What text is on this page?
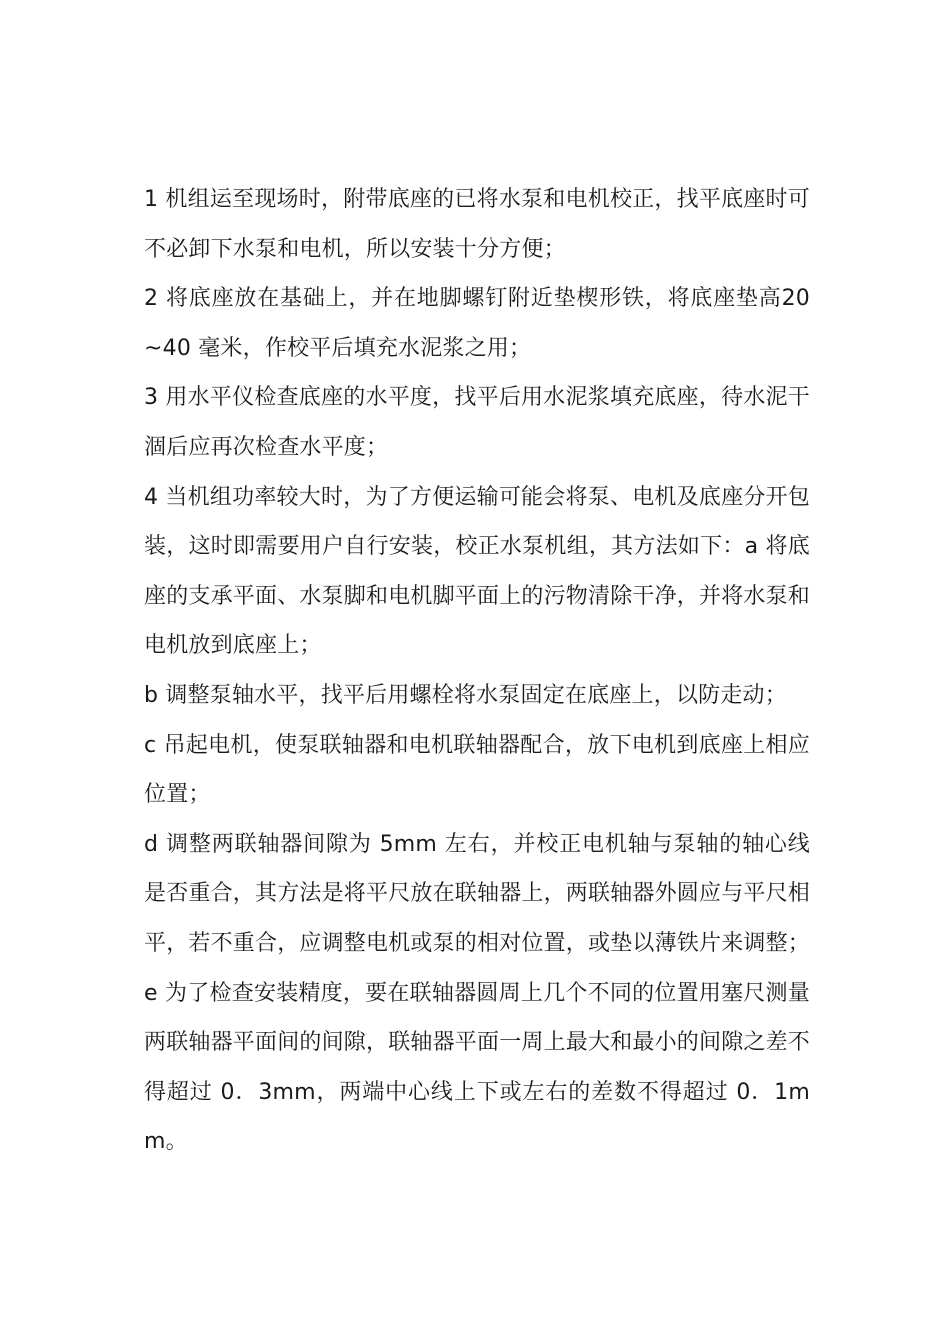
1 机组运至现场时，附带底座的已将水泵和电机校正，找平底座时可不必卸下水泵和电机，所以安装十分方便；

2 将底座放在基础上，并在地脚螺钉附近垫楔形铁，将底座垫高20~40 毫米，作校平后填充水泥浆之用；

3 用水平仪检查底座的水平度，找平后用水泥浆填充底座，待水泥干涸后应再次检查水平度；

4 当机组功率较大时，为了方便运输可能会将泵、电机及底座分开包装，这时即需要用户自行安装，校正水泵机组，其方法如下：a 将底座的支承平面、水泵脚和电机脚平面上的污物清除干净，并将水泵和电机放到底座上；

b 调整泵轴水平，找平后用螺栓将水泵固定在底座上，以防走动；

c 吊起电机，使泵联轴器和电机联轴器配合，放下电机到底座上相应位置；

d 调整两联轴器间隙为 5mm 左右，并校正电机轴与泵轴的轴心线是否重合，其方法是将平尺放在联轴器上，两联轴器外圆应与平尺相平，若不重合，应调整电机或泵的相对位置，或垫以薄铁片来调整；

e 为了检查安装精度，要在联轴器圆周上几个不同的位置用塞尺测量两联轴器平面间的间隙，联轴器平面一周上最大和最小的间隙之差不得超过 0．3mm，两端中心线上下或左右的差数不得超过 0．1mm。
